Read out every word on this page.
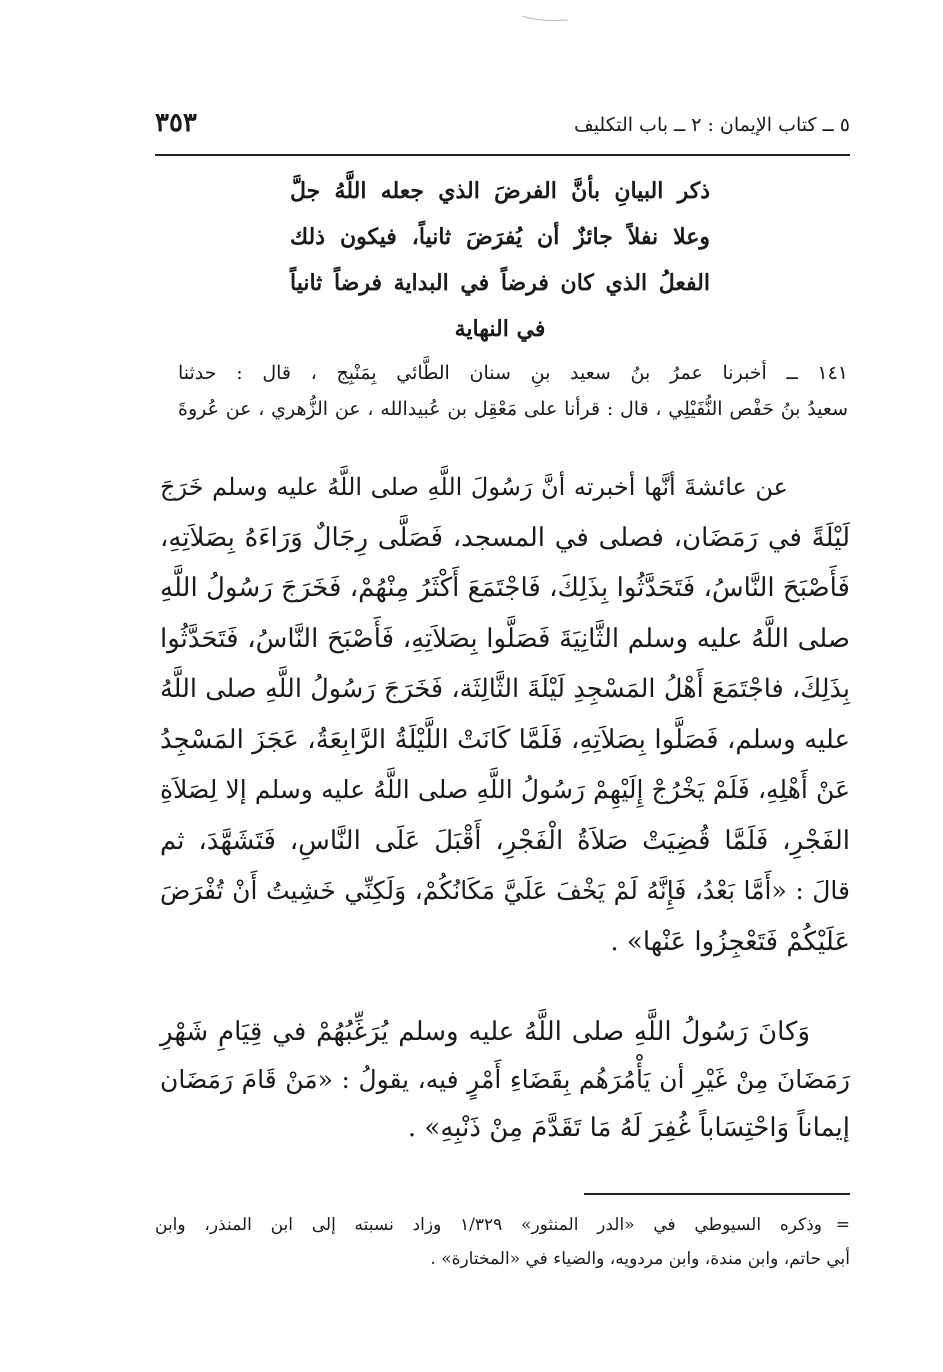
٥ ــ كتاب الإيمان : ٢ ــ باب التكليف
٣٥٣
ذكر البيانِ بأنَّ الفرضَ الذي جعله اللَّهُ جلَّ
وعلا نفلاً جائزٌ أن يُفرَضَ ثانياً، فيكون ذلك
الفعلُ الذي كان فرضاً في البداية فرضاً ثانياً
في النهاية
١٤١ ــ أخبرنا عمرُ بنُ سعيد بنِ سنان الطَّائي بِمَنْبِج ، قال : حدثنا
سعيدُ بنُ حَفْص النُّفَيْلِي ، قال : قرأنا على مَعْقِل بن عُبيدالله ، عن الزُّهري ، عن عُروةَ
عن عائشةَ أنَّها أخبرته أنَّ رَسُولَ اللَّهِ صلى اللَّهُ عليه وسلم خَرَجَ
لَيْلَةً في رَمَضَان، فصلى في المسجد، فَصَلَّى رِجَالٌ وَرَاءَهُ بِصَلاَتِهِ،
فَأَصْبَحَ النَّاسُ، فَتَحَدَّثُوا بِذَلِكَ، فَاجْتَمَعَ أَكْثَرُ مِنْهُمْ، فَخَرَجَ رَسُولُ اللَّهِ
صلى اللَّهُ عليه وسلم الثَّانِيَةَ فَصَلَّوا بِصَلاَتِهِ، فَأَصْبَحَ النَّاسُ، فَتَحَدَّثُوا
بِذَلِكَ، فاجْتَمَعَ أَهْلُ المَسْجِدِ لَيْلَةَ الثَّالِثَة، فَخَرَجَ رَسُولُ اللَّهِ صلى اللَّهُ
عليه وسلم، فَصَلَّوا بِصَلاَتِهِ، فَلَمَّا كَانَتْ اللَّيْلَةُ الرَّابِعَةُ، عَجَزَ المَسْجِدُ
عَنْ أَهْلِهِ، فَلَمْ يَخْرُجْ إِلَيْهِمْ رَسُولُ اللَّهِ صلى اللَّهُ عليه وسلم إلا لِصَلاَةِ
الفَجْرِ، فَلَمَّا قُضِيَتْ صَلاَةُ الْفَجْرِ، أَقْبَلَ عَلَى النَّاسِ، فَتَشَهَّدَ، ثم
قالَ : «أَمَّا بَعْدُ، فَإِنَّهُ لَمْ يَخْفَ عَلَيَّ مَكَانُكُمْ، وَلَكِنِّي خَشِيتُ أَنْ تُفْرَضَ
عَلَيْكُمْ فَتَعْجِزُوا عَنْها» .
وَكانَ رَسُولُ اللَّهِ صلى اللَّهُ عليه وسلم يُرَغِّبُهُمْ في قِيَامِ شَهْرِ
رَمَضَانَ مِنْ غَيْرِ أن يَأْمُرَهُم بِقَضَاءِ أَمْرٍ فيه، يقولُ : «مَنْ قَامَ رَمَضَان
إيماناً وَاحْتِسَاباً غُفِرَ لَهُ مَا تَقَدَّمَ مِنْ ذَنْبِهِ» .
=وذكره السيوطي في «الدر المنثور» ١/٣٢٩ وزاد نسبته إلى ابن المنذر، وابن
أبي حاتم، وابن مندة، وابن مردويه، والضياء في «المختارة» .
